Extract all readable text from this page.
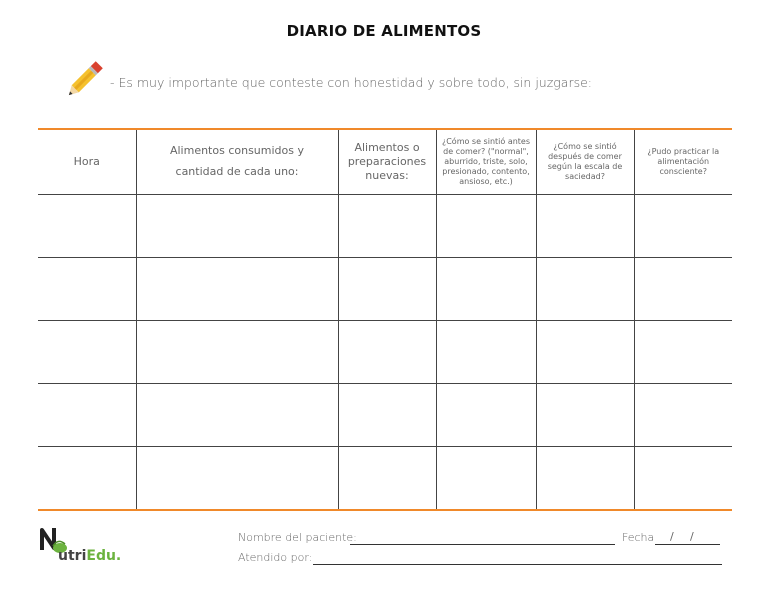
DIARIO DE ALIMENTOS
- Es muy importante que conteste con honestidad y sobre todo, sin juzgarse:
Hora	Alimentos consumidos y cantidad de cada uno:	Alimentos o preparaciones nuevas:	¿Cómo se sintió antes de comer? ("normal", aburrido, triste, solo, presionado, contento, ansioso, etc.)	¿Cómo se sintió después de comer según la escala de saciedad?	¿Pudo practicar la alimentación consciente?

utriEdu.
Nombre del paciente:	Fecha / /
Atendido por:
